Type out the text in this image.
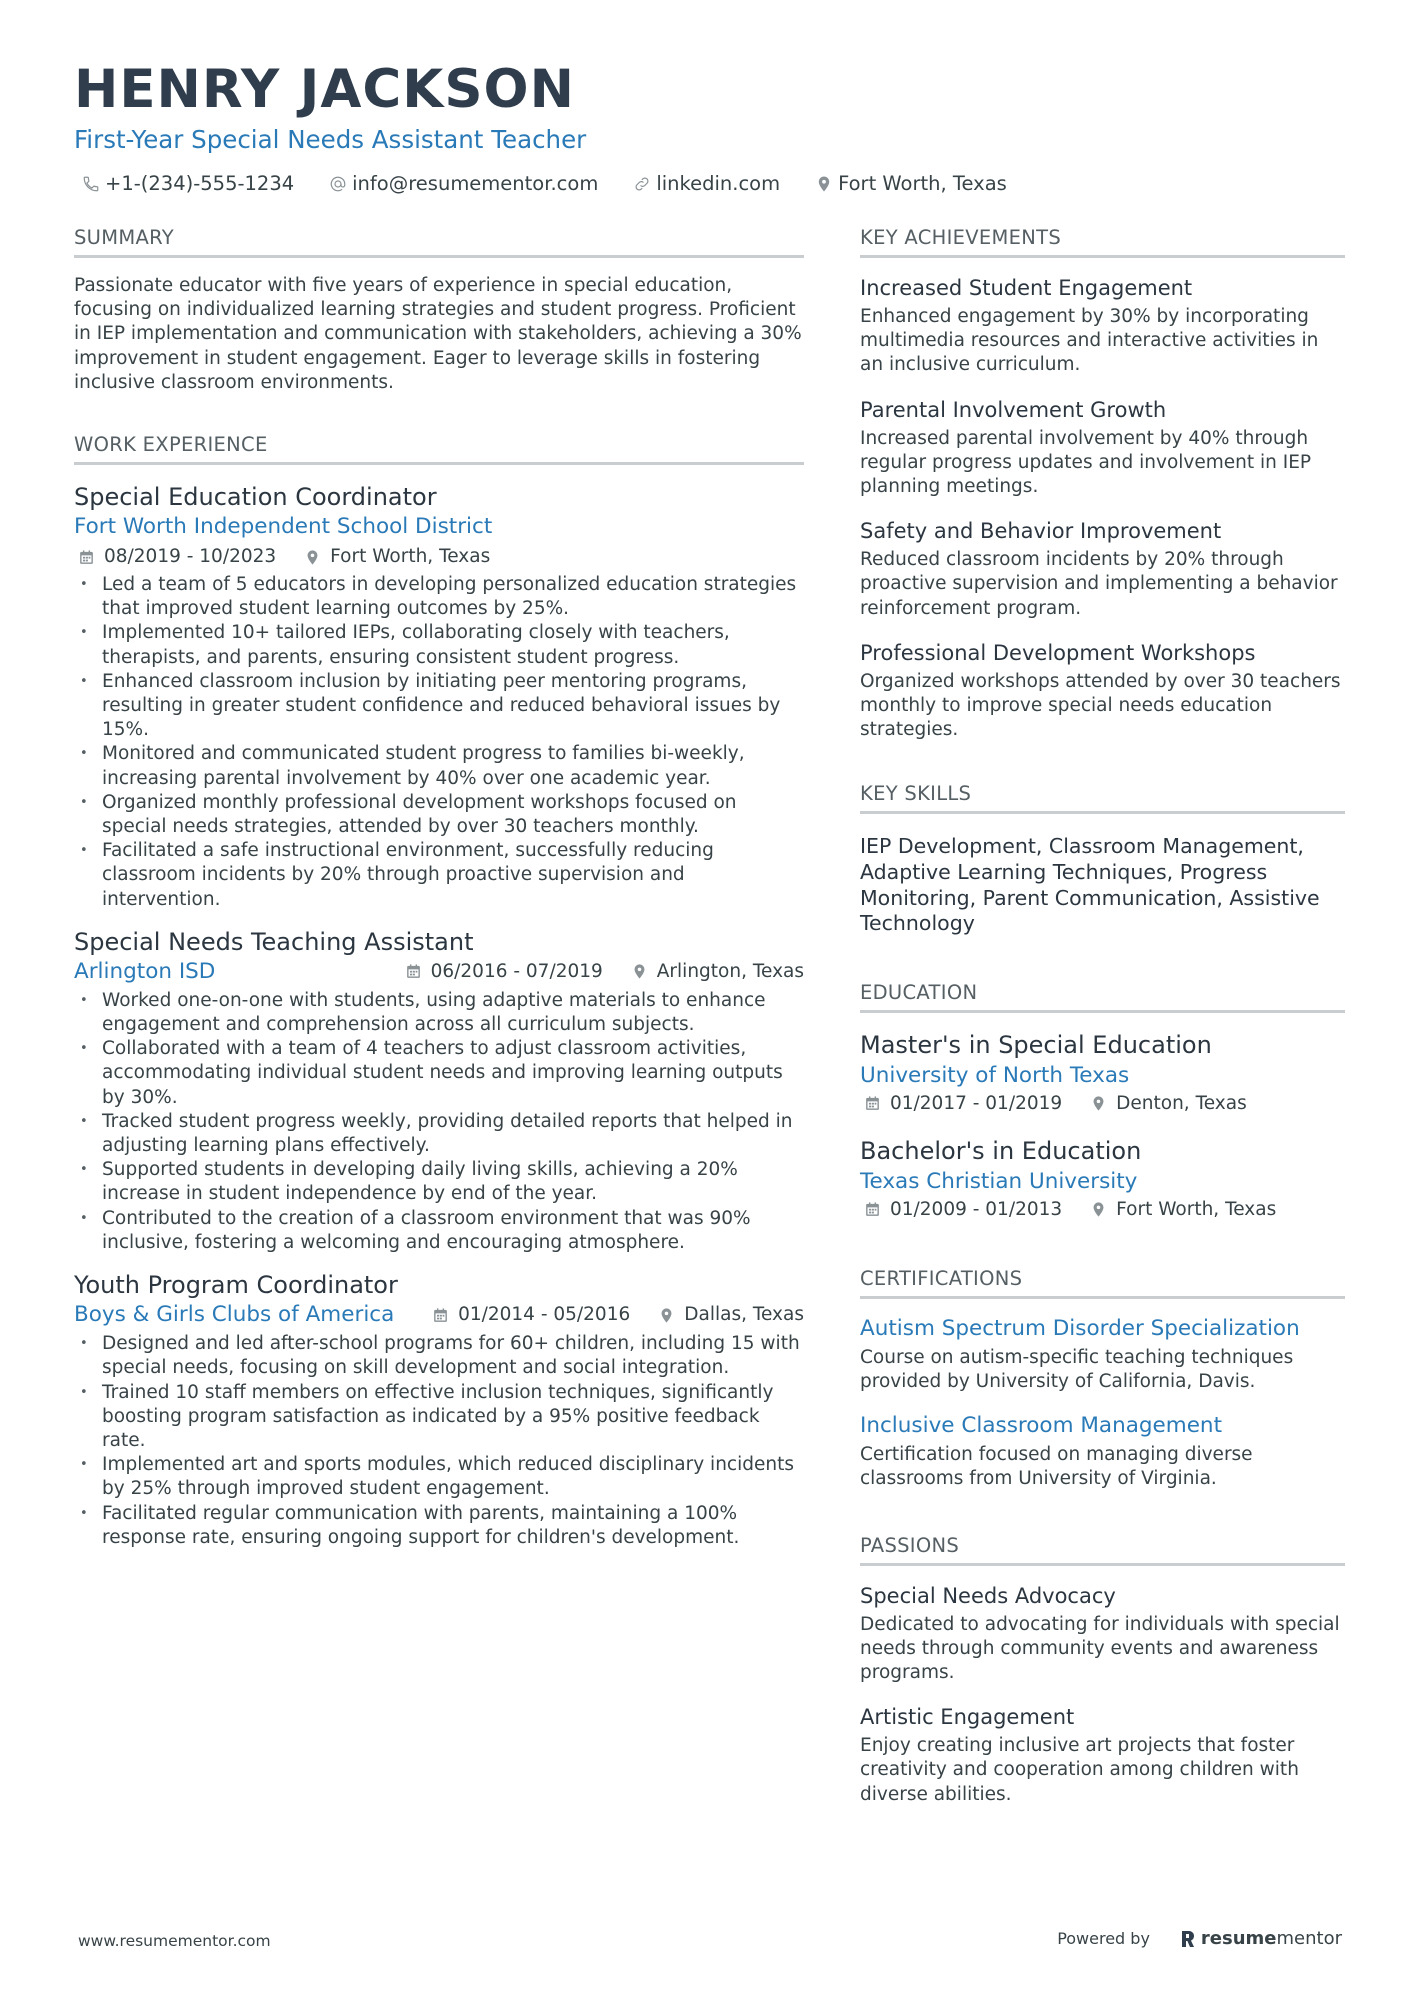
HENRY JACKSON
First-Year Special Needs Assistant Teacher
+1-(234)-555-1234	info@resumementor.com	linkedin.com	Fort Worth, Texas
SUMMARY
Passionate educator with five years of experience in special education, focusing on individualized learning strategies and student progress. Proficient in IEP implementation and communication with stakeholders, achieving a 30% improvement in student engagement. Eager to leverage skills in fostering inclusive classroom environments.
WORK EXPERIENCE
Special Education Coordinator
Fort Worth Independent School District
08/2019 - 10/2023	Fort Worth, Texas
• Led a team of 5 educators in developing personalized education strategies that improved student learning outcomes by 25%.
• Implemented 10+ tailored IEPs, collaborating closely with teachers, therapists, and parents, ensuring consistent student progress.
• Enhanced classroom inclusion by initiating peer mentoring programs, resulting in greater student confidence and reduced behavioral issues by 15%.
• Monitored and communicated student progress to families bi-weekly, increasing parental involvement by 40% over one academic year.
• Organized monthly professional development workshops focused on special needs strategies, attended by over 30 teachers monthly.
• Facilitated a safe instructional environment, successfully reducing classroom incidents by 20% through proactive supervision and intervention.
Special Needs Teaching Assistant
Arlington ISD	06/2016 - 07/2019	Arlington, Texas
• Worked one-on-one with students, using adaptive materials to enhance engagement and comprehension across all curriculum subjects.
• Collaborated with a team of 4 teachers to adjust classroom activities, accommodating individual student needs and improving learning outputs by 30%.
• Tracked student progress weekly, providing detailed reports that helped in adjusting learning plans effectively.
• Supported students in developing daily living skills, achieving a 20% increase in student independence by end of the year.
• Contributed to the creation of a classroom environment that was 90% inclusive, fostering a welcoming and encouraging atmosphere.
Youth Program Coordinator
Boys & Girls Clubs of America	01/2014 - 05/2016	Dallas, Texas
• Designed and led after-school programs for 60+ children, including 15 with special needs, focusing on skill development and social integration.
• Trained 10 staff members on effective inclusion techniques, significantly boosting program satisfaction as indicated by a 95% positive feedback rate.
• Implemented art and sports modules, which reduced disciplinary incidents by 25% through improved student engagement.
• Facilitated regular communication with parents, maintaining a 100% response rate, ensuring ongoing support for children's development.
KEY ACHIEVEMENTS
Increased Student Engagement
Enhanced engagement by 30% by incorporating multimedia resources and interactive activities in an inclusive curriculum.
Parental Involvement Growth
Increased parental involvement by 40% through regular progress updates and involvement in IEP planning meetings.
Safety and Behavior Improvement
Reduced classroom incidents by 20% through proactive supervision and implementing a behavior reinforcement program.
Professional Development Workshops
Organized workshops attended by over 30 teachers monthly to improve special needs education strategies.
KEY SKILLS
IEP Development, Classroom Management, Adaptive Learning Techniques, Progress Monitoring, Parent Communication, Assistive Technology
EDUCATION
Master's in Special Education
University of North Texas
01/2017 - 01/2019	Denton, Texas
Bachelor's in Education
Texas Christian University
01/2009 - 01/2013	Fort Worth, Texas
CERTIFICATIONS
Autism Spectrum Disorder Specialization
Course on autism-specific teaching techniques provided by University of California, Davis.
Inclusive Classroom Management
Certification focused on managing diverse classrooms from University of Virginia.
PASSIONS
Special Needs Advocacy
Dedicated to advocating for individuals with special needs through community events and awareness programs.
Artistic Engagement
Enjoy creating inclusive art projects that foster creativity and cooperation among children with diverse abilities.
www.resumementor.com	Powered by	resume mentor
